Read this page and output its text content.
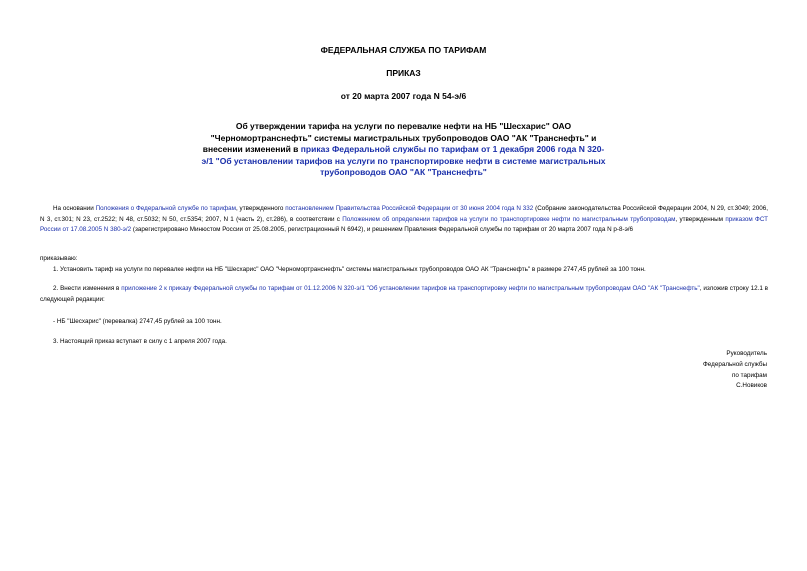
ФЕДЕРАЛЬНАЯ СЛУЖБА ПО ТАРИФАМ
ПРИКАЗ
от 20 марта 2007 года N 54-э/6
Об утверждении тарифа на услуги по перевалке нефти на НБ "Шесхарис" ОАО "Черномортранснефть" системы магистральных трубопроводов ОАО "АК "Транснефть" и внесении изменений в приказ Федеральной службы по тарифам от 1 декабря 2006 года N 320-э/1 "Об установлении тарифов на услуги по транспортировке нефти в системе магистральных трубопроводов ОАО "АК "Транснефть"
На основании Положения о Федеральной службе по тарифам, утвержденного постановлением Правительства Российской Федерации от 30 июня 2004 года N 332 (Собрание законодательства Российской Федерации 2004, N 29, ст.3049; 2006, N 3, ст.301; N 23, ст.2522; N 48, ст.5032; N 50, ст.5354; 2007, N 1 (часть 2), ст.286), в соответствии с Положением об определении тарифов на услуги по транспортировке нефти по магистральным трубопроводам, утвержденным приказом ФСТ России от 17.08.2005 N 380-э/2 (зарегистрировано Минюстом России от 25.08.2005, регистрационный N 6942), и решением Правления Федеральной службы по тарифам от 20 марта 2007 года N р-8-э/6
приказываю:
1. Установить тариф на услуги по перевалке нефти на НБ "Шесхарис" ОАО "Черномортранснефть" системы магистральных трубопроводов ОАО АК "Транснефть" в размере 2747,45 рублей за 100 тонн.
2. Внести изменения в приложение 2 к приказу Федеральной службы по тарифам от 01.12.2006 N 320-э/1 "Об установлении тарифов на транспортировку нефти по магистральным трубопроводам ОАО "АК "Транснефть", изложив строку 12.1 в следующей редакции:
- НБ "Шесхарис" (перевалка) 2747,45 рублей за 100 тонн.
3. Настоящий приказ вступает в силу с 1 апреля 2007 года.
Руководитель
Федеральной службы
по тарифам
С.Новиков
